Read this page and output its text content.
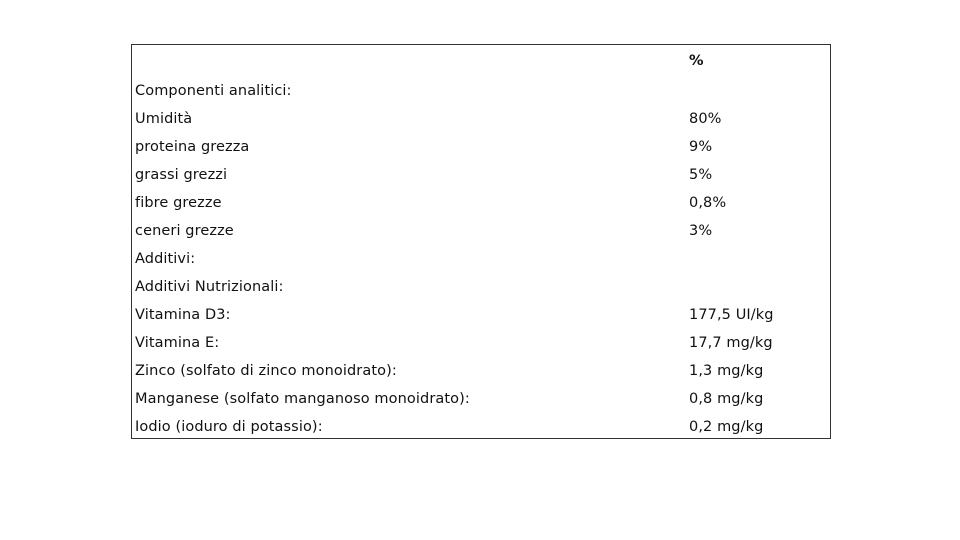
	%
Componenti analitici:	
Umidità	80%
proteina grezza	9%
grassi grezzi	5%
fibre grezze	0,8%
ceneri grezze	3%
Additivi:	
Additivi Nutrizionali:	
Vitamina D3:	177,5 UI/kg
Vitamina E:	17,7 mg/kg
Zinco (solfato di zinco monoidrato):	1,3 mg/kg
Manganese (solfato manganoso monoidrato):	0,8 mg/kg
Iodio (ioduro di potassio):	0,2 mg/kg
